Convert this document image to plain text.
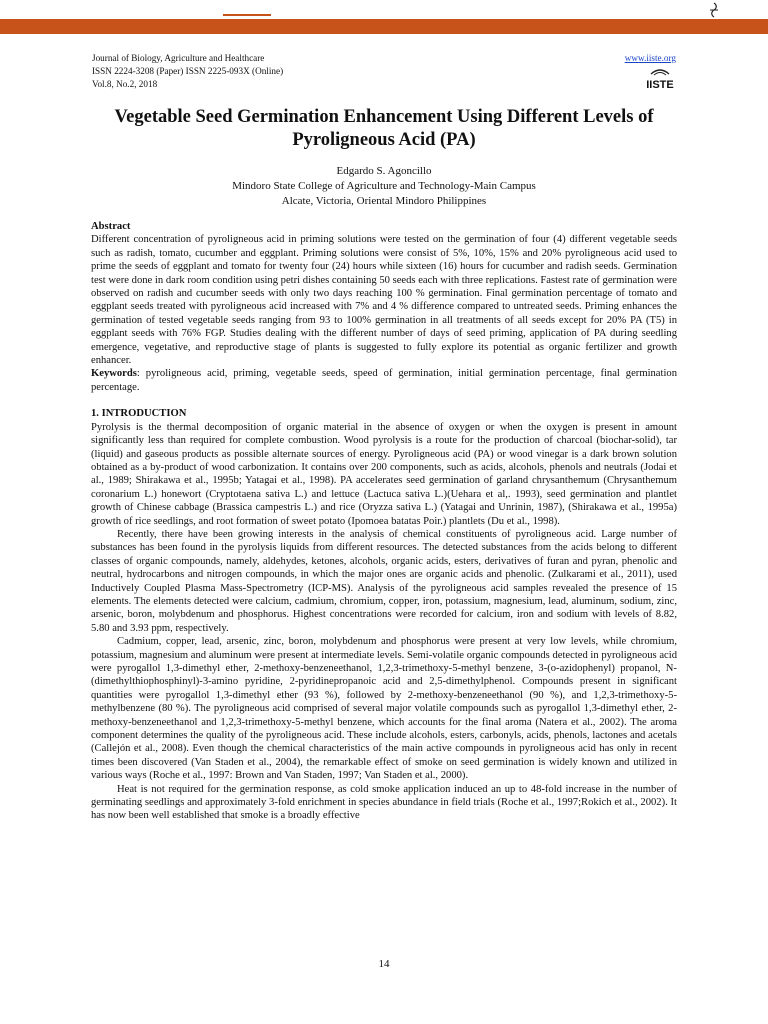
Journal of Biology, Agriculture and Healthcare
ISSN 2224-3208 (Paper) ISSN 2225-093X (Online)
Vol.8, No.2, 2018
www.iiste.org
IISTE
Vegetable Seed Germination Enhancement Using Different Levels of Pyroligneous Acid (PA)
Edgardo S. Agoncillo
Mindoro State College of Agriculture and Technology-Main Campus
Alcate, Victoria, Oriental Mindoro Philippines

Abstract

Different concentration of pyroligneous acid in priming solutions were tested on the germination of four (4) different vegetable seeds such as radish, tomato, cucumber and eggplant. Priming solutions were consist of 5%, 10%, 15% and 20% pyroligneous acid used to prime the seeds of eggplant and tomato for twenty four (24) hours while sixteen (16) hours for cucumber and radish seeds. Germination test were done in dark room condition using petri dishes containing 50 seeds each with three replications. Fastest rate of germination were observed on radish and cucumber seeds with only two days reaching 100 % germination. Final germination percentage of tomato and eggplant seeds treated with pyroligneous acid increased with 7% and 4 % difference compared to untreated seeds. Priming enhances the germination of tested vegetable seeds ranging from 93 to 100% germination in all treatments of all seeds except for 20% PA (T5) in eggplant seeds with 76% FGP. Studies dealing with the different number of days of seed priming, application of PA during seedling emergence, vegetative, and reproductive stage of plants is suggested to fully explore its potential as organic fertilizer and growth enhancer.

Keywords: pyroligneous acid, priming, vegetable seeds, speed of germination, initial germination percentage, final germination percentage.

1. INTRODUCTION

Pyrolysis is the thermal decomposition of organic material in the absence of oxygen or when the oxygen is present in amount significantly less than required for complete combustion. Wood pyrolysis is a route for the production of charcoal (biochar-solid), tar (liquid) and gaseous products as possible alternate sources of energy. Pyroligneous acid (PA) or wood vinegar is a dark brown solution obtained as a by-product of wood carbonization. It contains over 200 components, such as acids, alcohols, phenols and neutrals (Jodai et al., 1989; Shirakawa et al., 1995b; Yatagai et al., 1998). PA accelerates seed germination of garland chrysanthemum (Chrysanthemum coronarium L.) honewort (Cryptotaena sativa L.) and lettuce (Lactuca sativa L.)(Uehara et al,. 1993), seed germination and plantlet growth of Chinese cabbage (Brassica campestris L.) and rice (Oryzza sativa L.) (Yatagai and Unrinin, 1987), (Shirakawa et al., 1995a) growth of rice seedlings, and root formation of sweet potato (Ipomoea batatas Poir.) plantlets (Du et al., 1998).

Recently, there have been growing interests in the analysis of chemical constituents of pyroligneous acid. Large number of substances has been found in the pyrolysis liquids from different resources. The detected substances from the acids belong to different classes of organic compounds, namely, aldehydes, ketones, alcohols, organic acids, esters, derivatives of furan and pyran, phenolic and neutral, hydrocarbons and nitrogen compounds, in which the major ones are organic acids and phenolic. (Zulkarami et al., 2011), used Inductively Coupled Plasma Mass-Spectrometry (ICP-MS). Analysis of the pyroligneous acid samples revealed the presence of 15 elements. The elements detected were calcium, cadmium, chromium, copper, iron, potassium, magnesium, lead, aluminum, sodium, zinc, arsenic, boron, molybdenum and phosphorus. Highest concentrations were recorded for calcium, iron and sodium with levels of 8.82, 5.80 and 3.93 ppm, respectively.

Cadmium, copper, lead, arsenic, zinc, boron, molybdenum and phosphorus were present at very low levels, while chromium, potassium, magnesium and aluminum were present at intermediate levels. Semi-volatile organic compounds detected in pyroligneous acid were pyrogallol 1,3-dimethyl ether, 2-methoxy-benzeneethanol, 1,2,3-trimethoxy-5-methyl benzene, 3-(o-azidophenyl) propanol, N-(dimethylthiophosphinyl)-3-amino pyridine, 2-pyridinepropanoic acid and 2,5-dimethylphenol. Compounds present in significant quantities were pyrogallol 1,3-dimethyl ether (93 %), followed by 2-methoxy-benzeneethanol (90 %), and 1,2,3-trimethoxy-5-methylbenzene (80 %). The pyroligneous acid comprised of several major volatile compounds such as pyrogallol 1,3-dimethyl ether, 2-methoxy-benzeneethanol and 1,2,3-trimethoxy-5-methyl benzene, which accounts for the final aroma (Natera et al., 2002). The aroma component determines the quality of the pyroligneous acid. These include alcohols, esters, carbonyls, acids, phenols, lactones and acetals (Callejón et al., 2008). Even though the chemical characteristics of the main active compounds in pyroligneous acid has only in recent times been discovered (Van Staden et al., 2004), the remarkable effect of smoke on seed germination is widely known and utilized in various ways (Roche et al., 1997: Brown and Van Staden, 1997; Van Staden et al., 2000).

Heat is not required for the germination response, as cold smoke application induced an up to 48-fold increase in the number of germinating seedlings and approximately 3-fold enrichment in species abundance in field trials (Roche et al., 1997;Rokich et al., 2002). It has now been well established that smoke is a broadly effective

14
